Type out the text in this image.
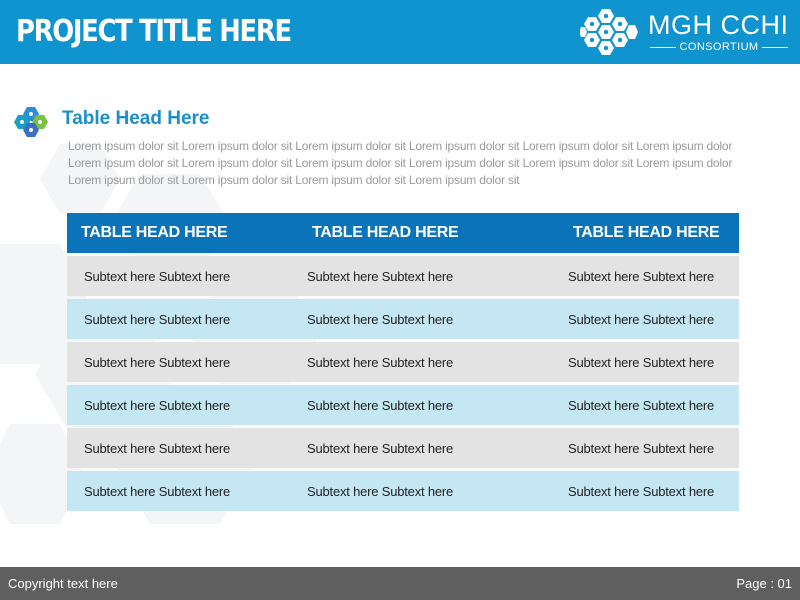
PROJECT TITLE HERE	MGH CCHI
CONSORTIUM
Table Head Here
Lorem ipsum dolor sit Lorem ipsum dolor sit Lorem ipsum dolor sit Lorem ipsum dolor sit Lorem ipsum dolor sit Lorem ipsum dolor Lorem ipsum dolor sit Lorem ipsum dolor sit Lorem ipsum dolor sit Lorem ipsum dolor sit Lorem ipsum dolor sit Lorem ipsum dolor Lorem ipsum dolor sit Lorem ipsum dolor sit Lorem ipsum dolor sit Lorem ipsum dolor sit
TABLE HEAD HERE	TABLE HEAD HERE	TABLE HEAD HERE
Subtext here Subtext here	Subtext here Subtext here	Subtext here Subtext here
Subtext here Subtext here	Subtext here Subtext here	Subtext here Subtext here
Subtext here Subtext here	Subtext here Subtext here	Subtext here Subtext here
Subtext here Subtext here	Subtext here Subtext here	Subtext here Subtext here
Subtext here Subtext here	Subtext here Subtext here	Subtext here Subtext here
Subtext here Subtext here	Subtext here Subtext here	Subtext here Subtext here
Copyright text here	Page : 01
